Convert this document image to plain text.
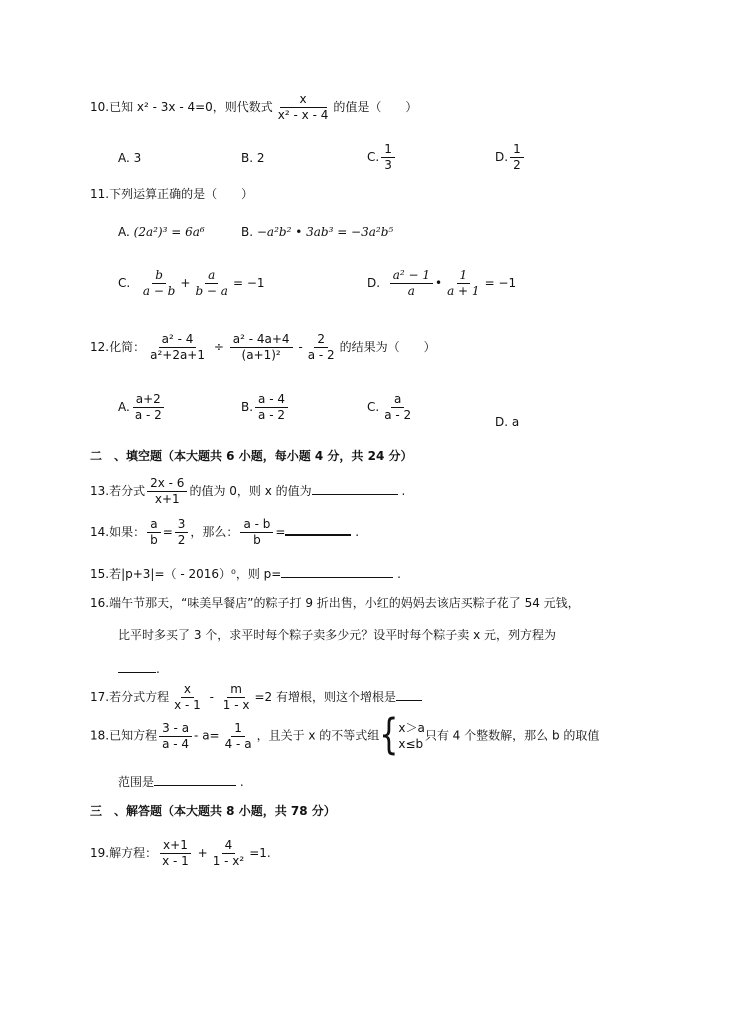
10.已知 x² - 3x - 4=0，则代数式 $\frac{x}{\text{x² - x - 4}}$ 的值是（　　）
A. 3	B. 2	C. $\frac{1}{3}$	D. $\frac{1}{2}$
11.下列运算正确的是（　　）
A. (2a²)³ = 6a⁶	B. −a²b² • 3ab³ = −3a²b⁵
C. $\frac{b}{a - b} + \frac{a}{b - a} = -1$	D. $\frac{\text{a² − 1}}{a}$ • $\frac{1}{a + 1} = -1$
12.化简： $\frac{\text{a² - 4}}{\text{a²+2a+1}} \div \frac{\text{a² - 4a+4}}{\text{(a+1)²}} - \frac{2}{a - 2}$ 的结果为（　　）
A. $\frac{a+2}{a - 2}$	B. $\frac{a - 4}{a - 2}$	C. $\frac{a}{a - 2}$	D. a
二　、填空题（本大题共 6 小题，每小题 4 分，共 24 分）
13.若分式 $\frac{2x - 6}{x+1}$ 的值为 0，则 x 的值为	.
14.如果： $\frac{a}{b} = \frac{3}{2}$ ，那么： $\frac{a - b}{b}$ =	.
15.若|p+3|=（ - 2016）⁰，则 p=	.
16.端午节那天，“味美早餐店”的粽子打 9 折出售，小红的妈妈去该店买粽子花了 54 元钱，
比平时多买了 3 个，求平时每个粽子卖多少元？设平时每个粽子卖 x 元，列方程为
.
17.若分式方程 $\frac{x}{x - 1} - \frac{m}{1 - x} =2$ 有增根，则这个增根是
18.已知方程 $\frac{3 - a}{a - 4} - a= \frac{1}{4 - a}$ ，且关于 x 的不等式组{ x＞a
x≤b
只有 4 个整数解，那么 b 的取值
范围是	.
三　、解答题（本大题共 8 小题，共 78 分）
19.解方程： $\frac{x+1}{x - 1} + \frac{4}{\text{1 - x²}} =1$.
